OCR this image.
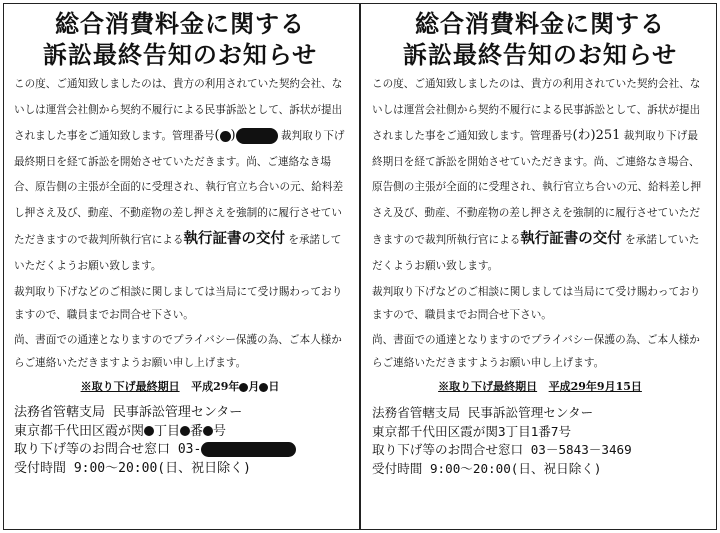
総合消費料金に関する
訴訟最終告知のお知らせ

この度、ご通知致しましたのは、貴方の利用されていた契約会社、ないしは運営会社側から契約不履行による民事訴訟として、訴状が提出されました事をご通知致します。管理番号( )	裁判取り下げ最終期日を経て訴訟を開始させていただきます。尚、ご連絡なき場合、原告側の主張が全面的に受理され、執行官立ち合いの元、給料差し押さえ及び、動産、不動産物の差し押さえを強制的に履行させていただきますので裁判所執行官による執行証書の交付 を承諾していただくようお願い致します。

裁判取り下げなどのご相談に関しましては当局にて受け賜わっておりますので、職員までお問合せ下さい。

尚、書面での通達となりますのでプライバシー保護の為、ご本人様からご連絡いただきますようお願い申し上げます。

※取り下げ最終期日 平成29年 月 日
法務省管轄支局 民事訴訟管理センター
東京都千代田区霞が関 丁目 番 号
取り下げ等のお問合せ窓口 03-
受付時間 9:00～20:00(日、祝日除く)
総合消費料金に関する
訴訟最終告知のお知らせ

この度、ご通知致しましたのは、貴方の利用されていた契約会社、ないしは運営会社側から契約不履行による民事訴訟として、訴状が提出されました事をご通知致します。管理番号(わ)251 裁判取り下げ最終期日を経て訴訟を開始させていただきます。尚、ご連絡なき場合、原告側の主張が全面的に受理され、執行官立ち合いの元、給料差し押さえ及び、動産、不動産物の差し押さえを強制的に履行させていただきますので裁判所執行官による執行証書の交付 を承諾していただくようお願い致します。

裁判取り下げなどのご相談に関しましては当局にて受け賜わっておりますので、職員までお問合せ下さい。

尚、書面での通達となりますのでプライバシー保護の為、ご本人様からご連絡いただきますようお願い申し上げます。

※取り下げ最終期日 平成29年9月15日
法務省管轄支局 民事訴訟管理センター
東京都千代田区霞が関3丁目1番7号
取り下げ等のお問合せ窓口 03－5843－3469
受付時間 9:00～20:00(日、祝日除く)
